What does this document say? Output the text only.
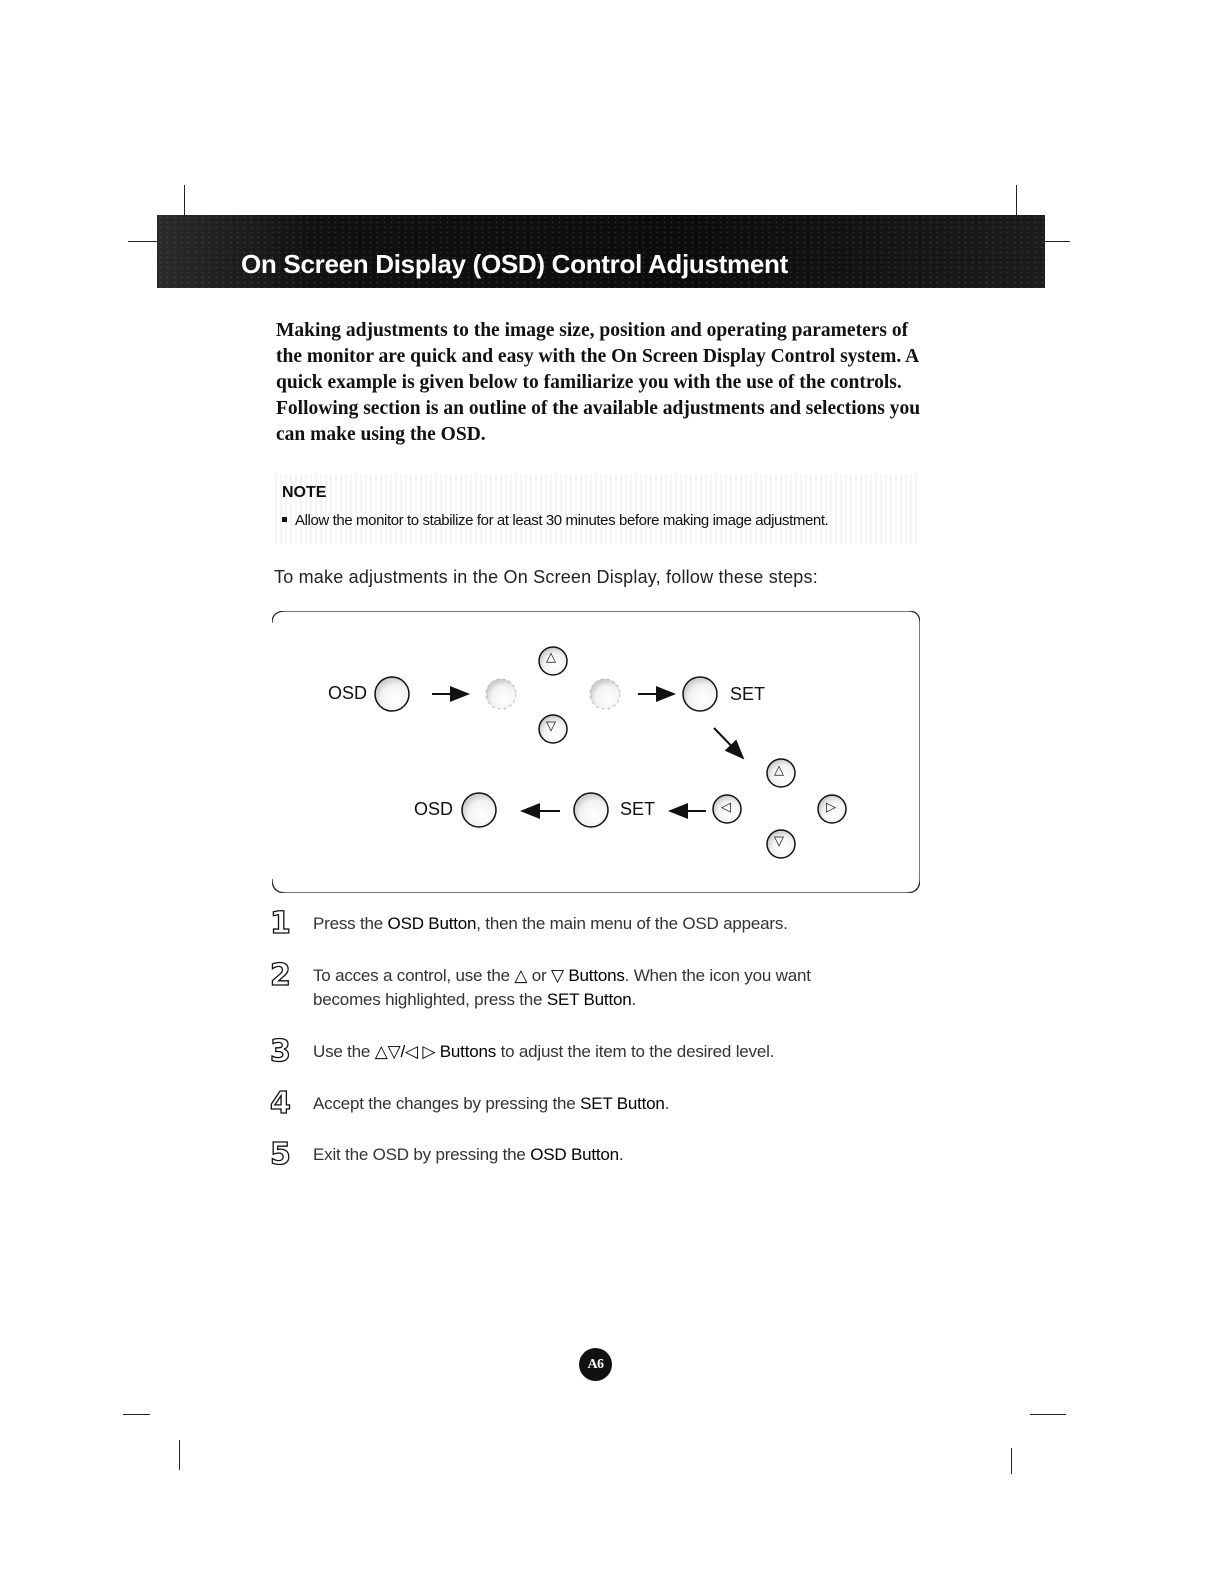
On Screen Display (OSD) Control Adjustment
Making adjustments to the image size, position and operating parameters of the monitor are quick and easy with the On Screen Display Control system. A quick example is given below to familiarize you with the use of the controls. Following section is an outline of the available adjustments and selections you can make using the OSD.
NOTE
Allow the monitor to stabilize for at least 30 minutes before making image adjustment.
To make adjustments in the On Screen Display, follow these steps:
△
▽
△
◁	▷
▽
OSD	SET
OSD	SET
1	Press the OSD Button, then the main menu of the OSD appears.
2	To acces a control, use the △ or ▽ Buttons. When the icon you want
becomes highlighted, press the SET Button.
3	Use the △▽/◁ ▷ Buttons to adjust the item to the desired level.
4	Accept the changes by pressing the SET Button.
5	Exit the OSD by pressing the OSD Button.
A6
